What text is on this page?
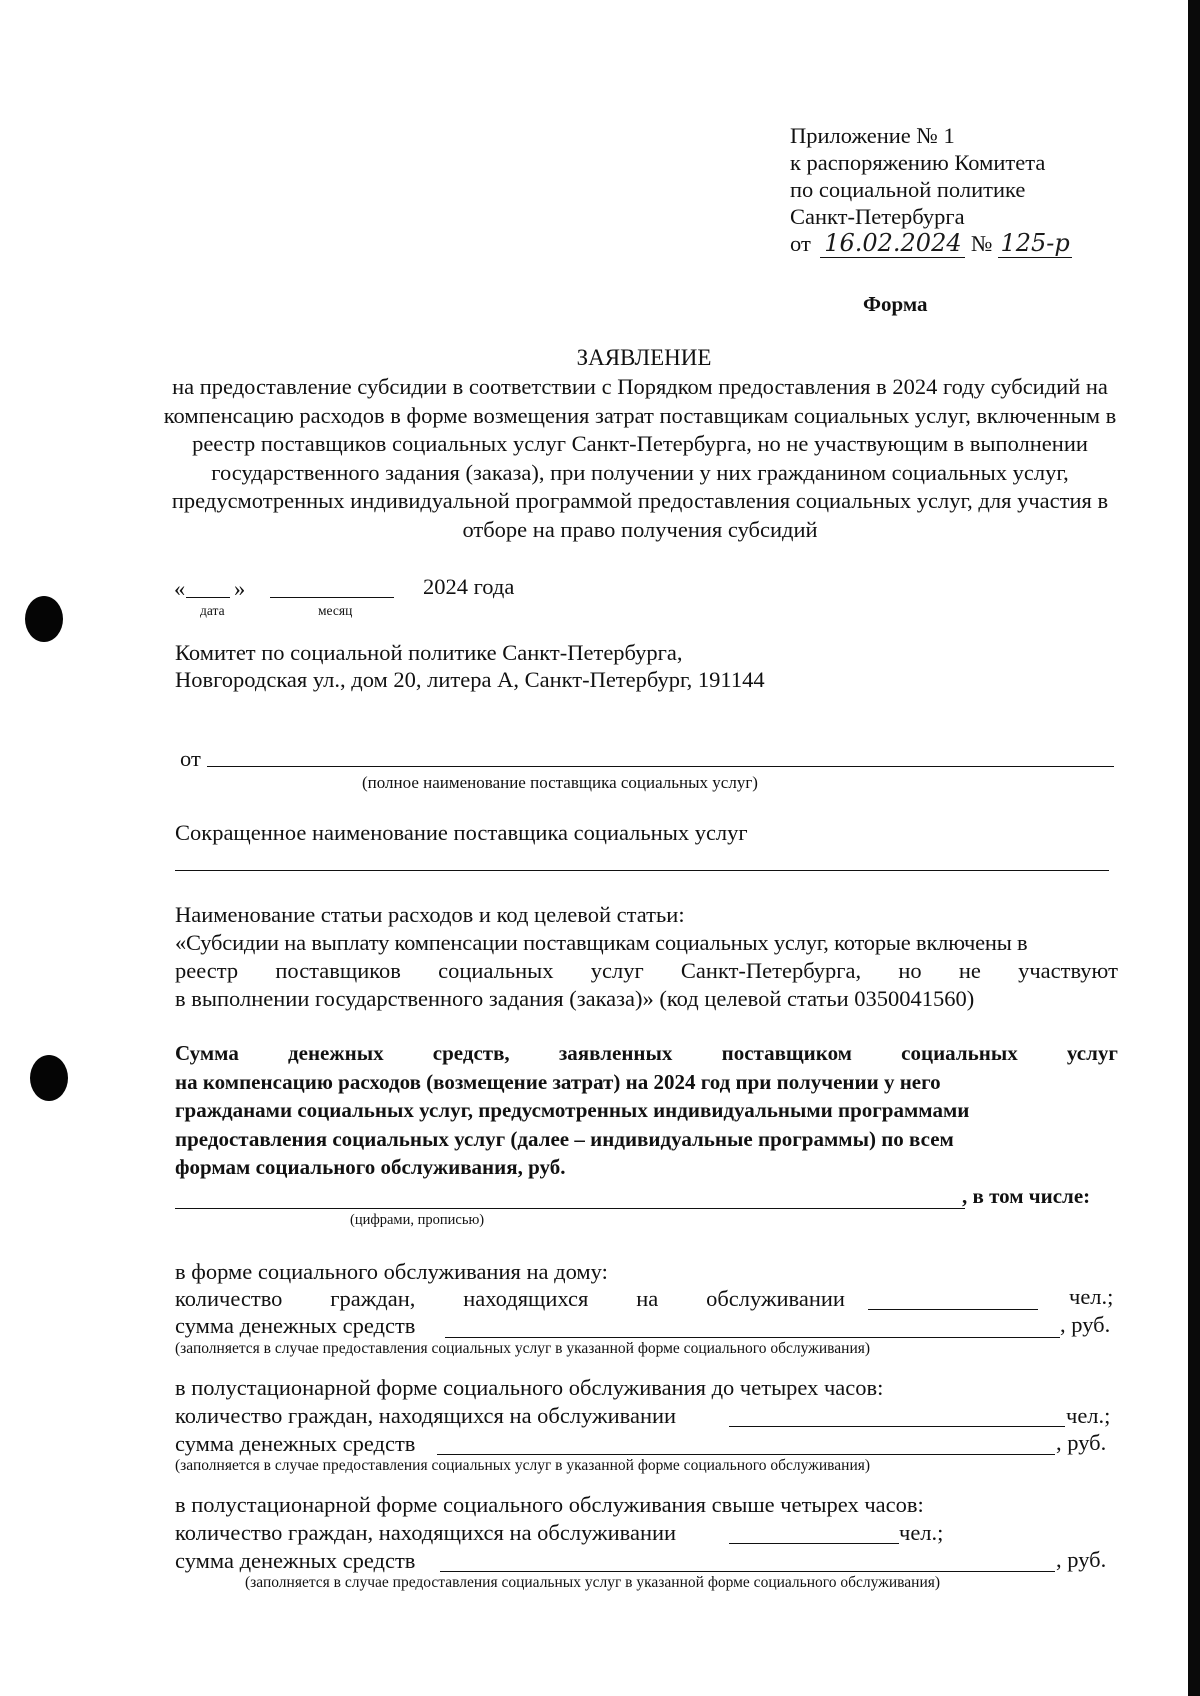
Приложение № 1
к распоряжению Комитета
по социальной политике
Санкт-Петербурга
от 16.02.2024 № 125-р
Форма
ЗАЯВЛЕНИЕ
на предоставление субсидии в соответствии с Порядком предоставления в 2024 году субсидий на компенсацию расходов в форме возмещения затрат поставщикам социальных услуг, включенным в реестр поставщиков социальных услуг Санкт-Петербурга, но не участвующим в выполнении государственного задания (заказа), при получении у них гражданином социальных услуг, предусмотренных индивидуальной программой предоставления социальных услуг, для участия в отборе на право получения субсидий
« »	2024 года
дата	месяц
Комитет по социальной политике Санкт-Петербурга,
Новгородская ул., дом 20, литера А, Санкт-Петербург, 191144
от
(полное наименование поставщика социальных услуг)
Сокращенное наименование поставщика социальных услуг
Наименование статьи расходов и код целевой статьи:
«Субсидии на выплату компенсации поставщикам социальных услуг, которые включены в
реестр поставщиков социальных услуг Санкт-Петербурга, но не участвуют
в выполнении государственного задания (заказа)» (код целевой статьи 0350041560)
Сумма денежных средств, заявленных поставщиком социальных услуг
на компенсацию расходов (возмещение затрат) на 2024 год при получении у него
гражданами социальных услуг, предусмотренных индивидуальными программами
предоставления социальных услуг (далее – индивидуальные программы) по всем
формам социального обслуживания, руб.
, в том числе:
(цифрами, прописью)
в форме социального обслуживания на дому:
количество граждан, находящихся на обслуживании	чел.;
сумма денежных средств	, руб.
(заполняется в случае предоставления социальных услуг в указанной форме социального обслуживания)
в полустационарной форме социального обслуживания до четырех часов:
количество граждан, находящихся на обслуживании	чел.;
сумма денежных средств	, руб.
(заполняется в случае предоставления социальных услуг в указанной форме социального обслуживания)
в полустационарной форме социального обслуживания свыше четырех часов:
количество граждан, находящихся на обслуживании	чел.;
сумма денежных средств	, руб.
(заполняется в случае предоставления социальных услуг в указанной форме социального обслуживания)
